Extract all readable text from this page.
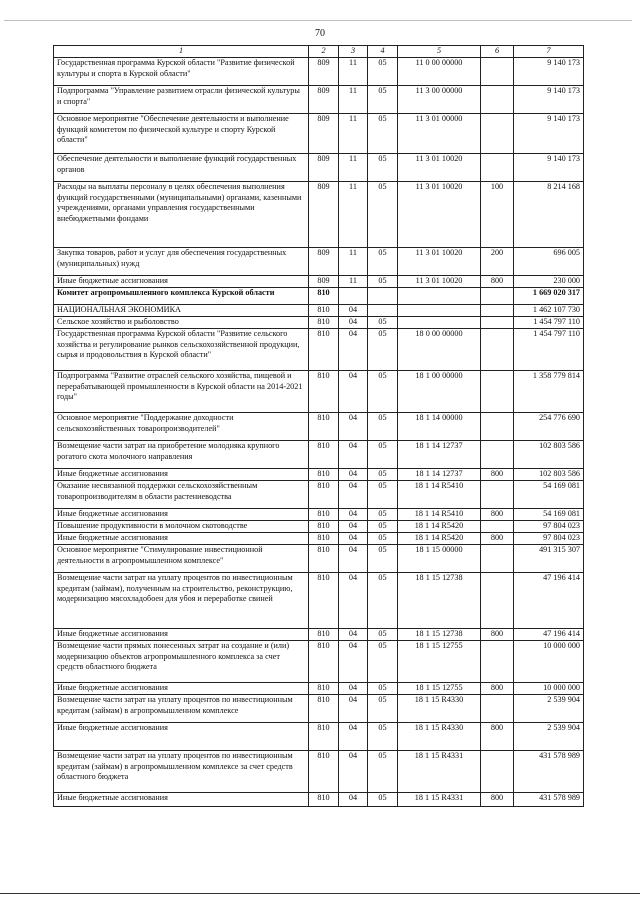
70
1	2	3	4	5	6	7
Государственная программа Курской области "Развитие физической культуры и спорта в Курской области"	809	11	05	11 0 00 00000		9 140 173
Подпрограмма "Управление развитием отрасли физической культуры и спорта"	809	11	05	11 3 00 00000		9 140 173
Основное мероприятие "Обеспечение деятельности и выполнение функций комитетом по физической культуре и спорту Курской области"	809	11	05	11 3 01 00000		9 140 173
Обеспечение деятельности и выполнение функций государственных органов	809	11	05	11 3 01 10020		9 140 173
Расходы на выплаты персоналу в целях обеспечения выполнения функций государственными (муниципальными) органами, казенными учреждениями, органами управления государственными внебюджетными фондами	809	11	05	11 3 01 10020	100	8 214 168
Закупка товаров, работ и услуг для обеспечения государственных (муниципальных) нужд	809	11	05	11 3 01 10020	200	696 005
Иные бюджетные ассигнования	809	11	05	11 3 01 10020	800	230 000
Комитет агропромышленного комплекса Курской области	810					1 669 020 317
НАЦИОНАЛЬНАЯ ЭКОНОМИКА	810	04				1 462 107 730
Сельское хозяйство и рыболовство	810	04	05			1 454 797 110
Государственная программа Курской области "Развитие сельского хозяйства и регулирование рынков сельскохозяйственной продукции, сырья и продовольствия в Курской области"	810	04	05	18 0 00 00000		1 454 797 110
Подпрограмма "Развитие отраслей сельского хозяйства, пищевой и перерабатывающей промышленности в Курской области на 2014-2021 годы"	810	04	05	18 1 00 00000		1 358 779 814
Основное мероприятие "Поддержание доходности сельскохозяйственных товаропроизводителей"	810	04	05	18 1 14 00000		254 776 690
Возмещение части затрат на приобретение молодняка крупного рогатого скота молочного направления	810	04	05	18 1 14 12737		102 803 586
Иные бюджетные ассигнования	810	04	05	18 1 14 12737	800	102 803 586
Оказание несвязанной поддержки сельскохозяйственным товаропроизводителям в области растениеводства	810	04	05	18 1 14 R5410		54 169 081
Иные бюджетные ассигнования	810	04	05	18 1 14 R5410	800	54 169 081
Повышение продуктивности в молочном скотоводстве	810	04	05	18 1 14 R5420		97 804 023
Иные бюджетные ассигнования	810	04	05	18 1 14 R5420	800	97 804 023
Основное мероприятие "Стимулирование инвестиционной деятельности в агропромышленном комплексе"	810	04	05	18 1 15 00000		491 315 307
Возмещение части затрат на уплату процентов по инвестиционным кредитам (займам), полученным на строительство, реконструкцию, модернизацию мясохладобоен для убоя и переработке свиней	810	04	05	18 1 15 12738		47 196 414
Иные бюджетные ассигнования	810	04	05	18 1 15 12738	800	47 196 414
Возмещение части прямых понесенных затрат на создание и (или) модернизацию объектов агропромышленного комплекса за счет средств областного бюджета	810	04	05	18 1 15 12755		10 000 000
Иные бюджетные ассигнования	810	04	05	18 1 15 12755	800	10 000 000
Возмещение части затрат на уплату процентов по инвестиционным кредитам (займам) в агропромышленном комплексе	810	04	05	18 1 15 R4330		2 539 904
Иные бюджетные ассигнования	810	04	05	18 1 15 R4330	800	2 539 904
Возмещение части затрат на уплату процентов по инвестиционным кредитам (займам) в агропромышленном комплексе за счет средств областного бюджета	810	04	05	18 1 15 R4331		431 578 989
Иные бюджетные ассигнования	810	04	05	18 1 15 R4331	800	431 578 989
